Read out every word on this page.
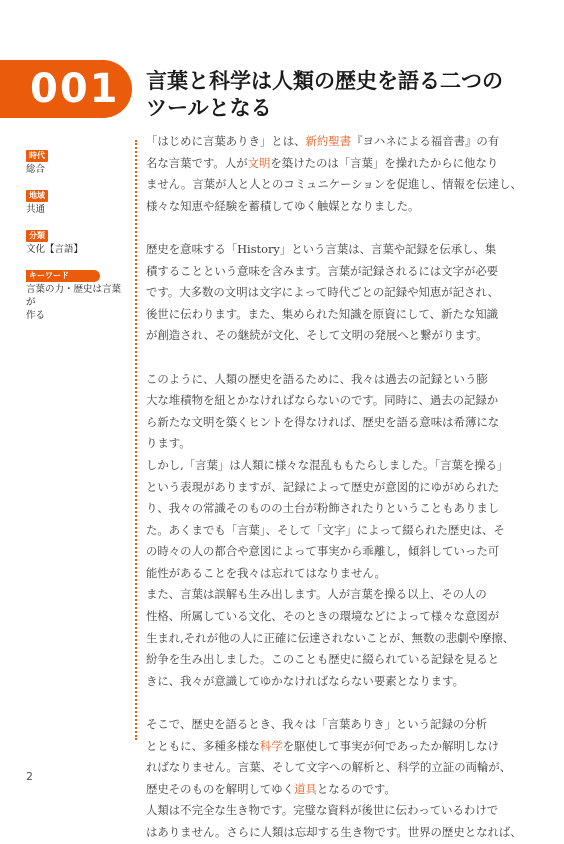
001 言葉と科学は人類の歴史を語る二つの
ツールとなる
時代
総合
地域
共通
分類
文化【言語】
キーワード
言葉の力・歴史は言葉が
作る
「はじめに言葉ありき」とは、新約聖書『ヨハネによる福音書』の有
名な言葉です。人が文明を築けたのは「言葉」を操れたからに他なり
ません。言葉が人と人とのコミュニケーションを促進し、情報を伝達し、
様々な知恵や経験を蓄積してゆく触媒となりました。
歴史を意味する「History」という言葉は、言葉や記録を伝承し、集
積することという意味を含みます。言葉が記録されるには文字が必要
です。大多数の文明は文字によって時代ごとの記録や知恵が記され、
後世に伝わります。また、集められた知識を原資にして、新たな知識
が創造され、その継続が文化、そして文明の発展へと繋がります。
このように、人類の歴史を語るために、我々は過去の記録という膨
大な堆積物を紐とかなければならないのです。同時に、過去の記録か
ら新たな文明を築くヒントを得なければ、歴史を語る意味は希薄にな
ります。
しかし,「言葉」は人類に様々な混乱ももたらしました。「言葉を操る」
という表現がありますが、記録によって歴史が意図的にゆがめられた
り、我々の常識そのものの土台が粉飾されたりということもありまし
た。あくまでも「言葉」、そして「文字」によって綴られた歴史は、そ
の時々の人の都合や意図によって事実から乖離し，傾斜していった可
能性があることを我々は忘れてはなりません。
また、言葉は誤解も生み出します。人が言葉を操る以上、その人の
性格、所属している文化、そのときの環境などによって様々な意図が
生まれ,それが他の人に正確に伝達されないことが、無数の悲劇や摩擦、
紛争を生み出しました。このことも歴史に綴られている記録を見ると
きに、我々が意識してゆかなければならない要素となります。
そこで、歴史を語るとき、我々は「言葉ありき」という記録の分析
とともに、多種多様な科学を駆使して事実が何であったか解明しなけ
ればなりません。言葉、そして文字への解析と、科学的立証の両輪が、
歴史そのものを解明してゆく道具となるのです。
人類は不完全な生き物です。完璧な資料が後世に伝わっているわけで
はありません。さらに人類は忘却する生き物です。世界の歴史となれば、
2
